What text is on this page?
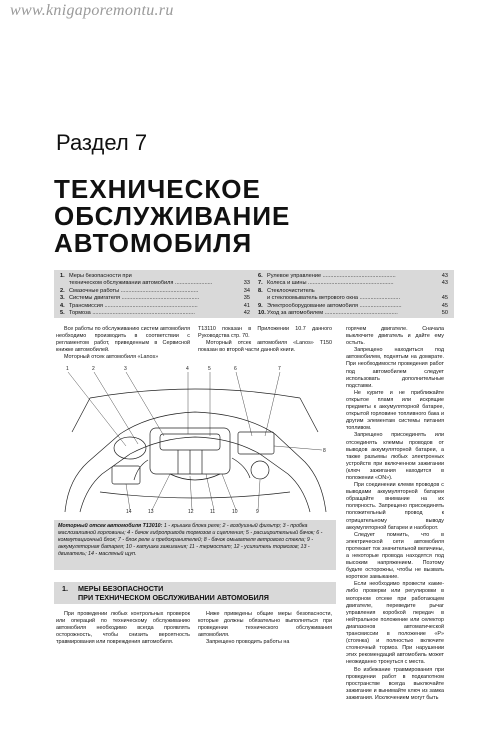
www.knigaporemontu.ru
Раздел 7
ТЕХНИЧЕСКОЕ
ОБСЛУЖИВАНИЕ
АВТОМОБИЛЯ
1. Меры безопасности при
техническом обслуживании автомобиля ........................	33
2. Смазочные работы ..................................................	34
3. Системы двигателя ..................................................	35
4. Трансмиссия ............................................................	41
5. Тормоза ..................................................................	42
6. Рулевое управление ...............................................	43
7. Колеса и шины .......................................................	43
8. Стеклоочиститель
и стеклоомыватель ветрового окна ..........................	45
9. Электрооборудование автомобиля ...........................	45
10. Уход за автомобилем ...............................................	50

Все работы по обслуживанию систем автомобиля необходимо производить в соответствии с регламентом работ, приведенным в Сервисной книжке автомобилей.

Моторный отсек автомобиля «Lanos»

T13110 показан в Приложении 10.7 данного Руководства стр. 70.

Моторный отсек автомобиля «Lanos» T150 показан во второй части данной книги.

1	2	3	4	5	6	7
8
9
10
11
12
13
14
Моторный отсек автомобиля T13010: 1 - крышка блока реле; 2 - воздушный фильтр; 3 - пробка маслозаливной горловины; 4 - бачок гидропривода тормозов и сцепления; 5 - расширительный бачок; 6 - коммутационный блок; 7 - блок реле и предохранителей; 8 - бачок омывателя ветрового стекла; 9 - аккумуляторная батарея; 10 - катушка зажигания; 11 - термостат; 12 - усилитель тормозов; 13 - двигатель; 14 - масляный щуп.
1. МЕРЫ БЕЗОПАСНОСТИ
ПРИ ТЕХНИЧЕСКОМ ОБСЛУЖИВАНИИ АВТОМОБИЛЯ

При проведении любых контрольных проверок или операций по техническому обслуживанию автомобиля необходимо всегда проявлять осторожность, чтобы снизить вероятность травмирования или повреждения автомобиля.

Ниже приведены общие меры безопасности, которые должны обязательно выполняться при проведении технического обслуживания автомобиля.

Запрещено проводить работы на

горячем двигателе. Сначала выключите двигатель и дайте ему остыть.

Запрещено находиться под автомобилем, поднятым на домкрате. При необходимости проведения работ под автомобилем следует использовать дополнительные подставки.

Не курите и не приближайте открытое пламя или искрящие предметы к аккумуляторной батарее, открытой горловине топливного бака и другим элементам системы питания топливом.

Запрещено присоединять или отсоединять клеммы проводов от выводов аккумуляторной батареи, а также разъемы любых электронных устройств при включенном зажигании (ключ зажигания находится в положении «ON»).

При соединении клемм проводов с выводами аккумуляторной батареи обращайте внимание на их полярность. Запрещено присоединять положительный провод к отрицательному выводу аккумуляторной батареи и наоборот.

Следует помнить, что в электрической сети автомобиля протекает ток значительной величины, а некоторые провода находятся под высоким напряжением. Поэтому будьте осторожны, чтобы не вызвать короткое замыкание.

Если необходимо провести какие-либо проверки или регулировки в моторном отсеке при работающем двигателе, переведите рычаг управления коробкой передач в нейтральное положение или селектор диапазонов автоматической трансмиссии в положение «P» (стоянка) и полностью включите стояночный тормоз. При нарушении этих рекомендаций автомобиль может неожиданно тронуться с места.

Во избежание травмирования при проведении работ в подкапотном пространстве всегда выключайте зажигание и вынимайте ключ из замка зажигания. Исключением могут быть
